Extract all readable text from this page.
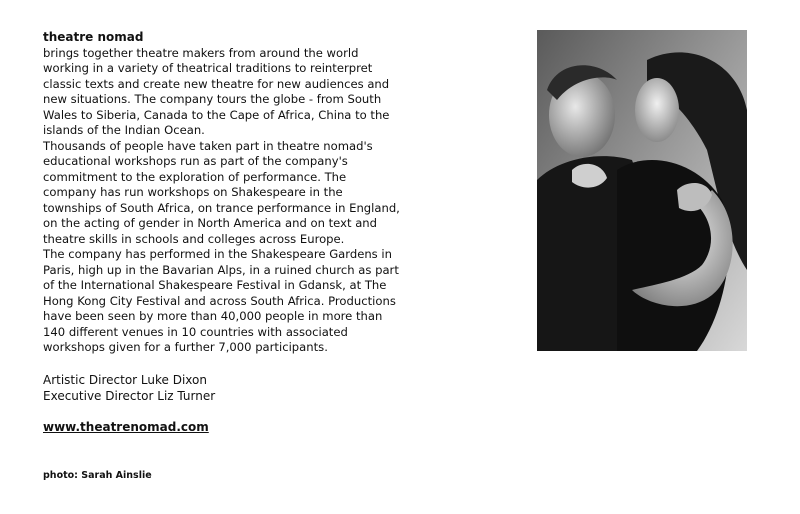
theatre nomad

brings together theatre makers from around the world working in a variety of theatrical traditions to reinterpret classic texts and create new theatre for new audiences and new situations. The company tours the globe - from South Wales to Siberia, Canada to the Cape of Africa, China to the islands of the Indian Ocean.

Thousands of people have taken part in theatre nomad's educational workshops run as part of the company's commitment to the exploration of performance. The company has run workshops on Shakespeare in the townships of South Africa, on trance performance in England, on the acting of gender in North America and on text and theatre skills in schools and colleges across Europe.

The company has performed in the Shakespeare Gardens in Paris, high up in the Bavarian Alps, in a ruined church as part of the International Shakespeare Festival in Gdansk, at The Hong Kong City Festival and across South Africa. Productions have been seen by more than 40,000 people in more than 140 different venues in 10 countries with associated workshops given for a further 7,000 participants.

Artistic Director Luke Dixon
Executive Director Liz Turner
www.theatrenomad.com
photo: Sarah Ainslie
